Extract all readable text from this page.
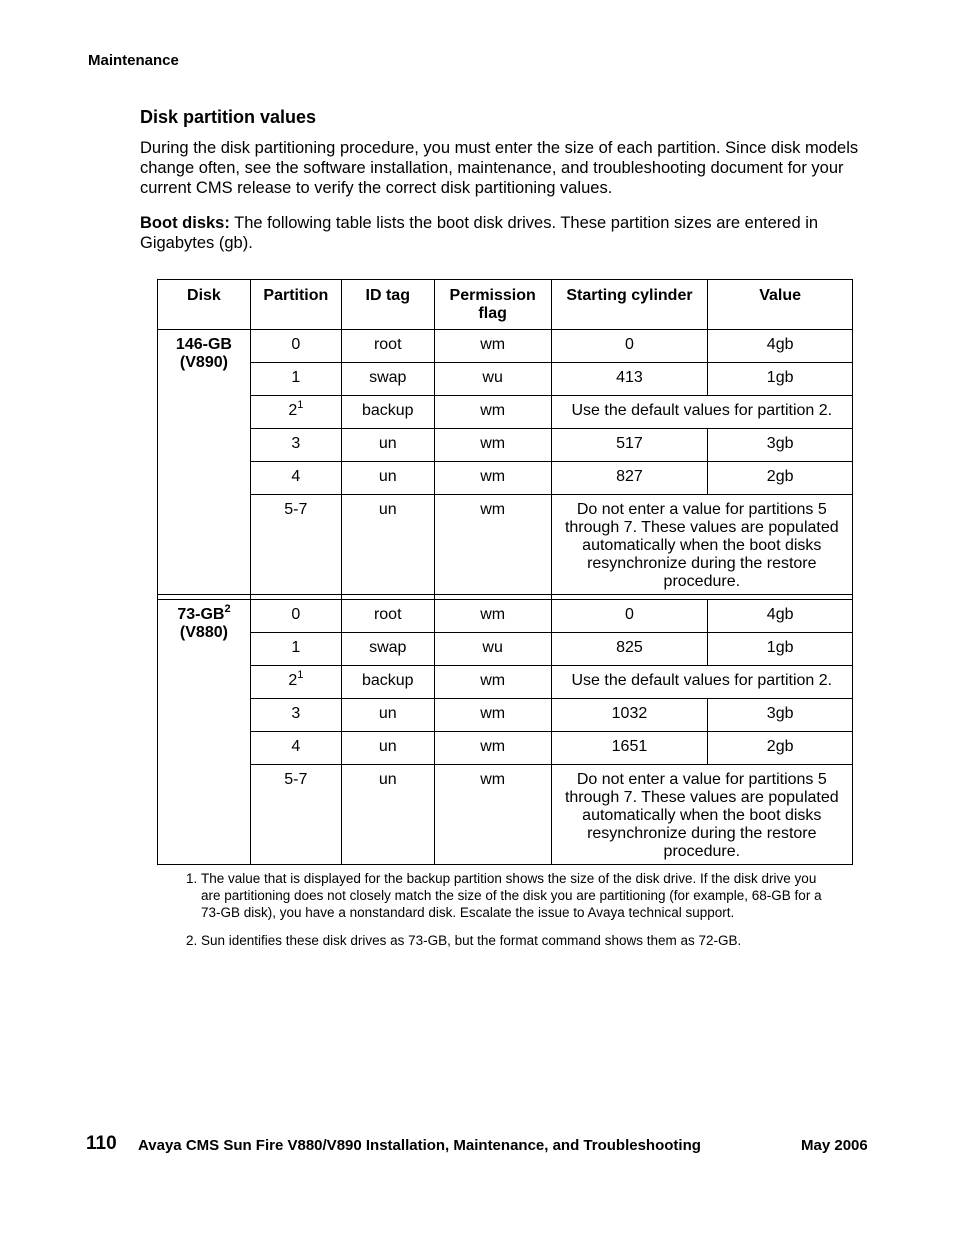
Maintenance
Disk partition values
During the disk partitioning procedure, you must enter the size of each partition. Since disk models change often, see the software installation, maintenance, and troubleshooting document for your current CMS release to verify the correct disk partitioning values.
Boot disks: The following table lists the boot disk drives. These partition sizes are entered in Gigabytes (gb).
Disk	Partition	ID tag	Permission flag	Starting cylinder	Value
146-GB
(V890)	0	root	wm	0	4gb
	1	swap	wu	413	1gb
	$2^1$	backup	wm	Use the default values for partition 2.	
	3	un	wm	517	3gb
	4	un	wm	827	2gb
	5-7	un	wm	Do not enter a value for partitions 5 through 7. These values are populated automatically when the boot disks resynchronize during the restore procedure.	

$73-GB^2$
(V880)	0	root	wm	0	4gb
	1	swap	wu	825	1gb
	$2^1$	backup	wm	Use the default values for partition 2.	
	3	un	wm	1032	3gb
	4	un	wm	1651	2gb
	5-7	un	wm	Do not enter a value for partitions 5 through 7. These values are populated automatically when the boot disks resynchronize during the restore procedure.	
1. The value that is displayed for the backup partition shows the size of the disk drive. If the disk drive you are partitioning does not closely match the size of the disk you are partitioning (for example, 68-GB for a 73-GB disk), you have a nonstandard disk. Escalate the issue to Avaya technical support.
2. Sun identifies these disk drives as 73-GB, but the format command shows them as 72-GB.
110 Avaya CMS Sun Fire V880/V890 Installation, Maintenance, and Troubleshooting	May 2006
